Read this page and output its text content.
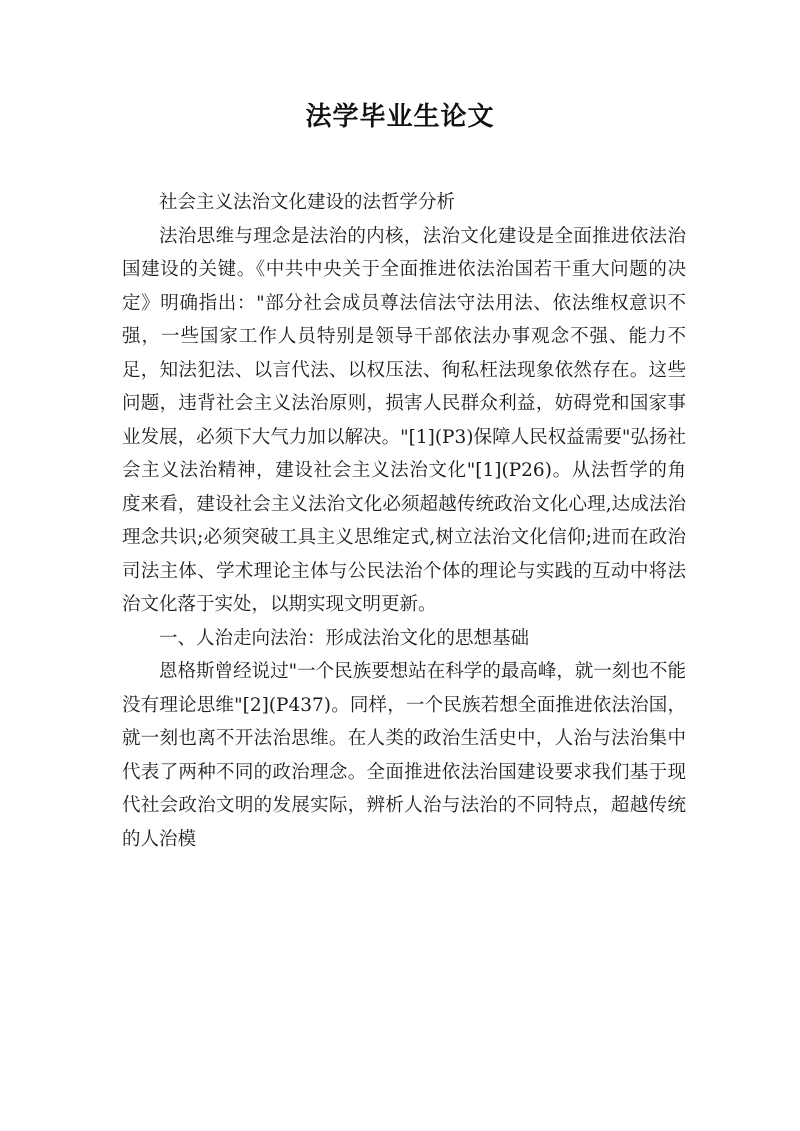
法学毕业生论文

社会主义法治文化建设的法哲学分析

法治思维与理念是法治的内核，法治文化建设是全面推进依法治国建设的关键。《中共中央关于全面推进依法治国若干重大问题的决定》明确指出："部分社会成员尊法信法守法用法、依法维权意识不强，一些国家工作人员特别是领导干部依法办事观念不强、能力不足，知法犯法、以言代法、以权压法、徇私枉法现象依然存在。这些问题，违背社会主义法治原则，损害人民群众利益，妨碍党和国家事业发展，必须下大气力加以解决。"[1](P3)保障人民权益需要"弘扬社会主义法治精神，建设社会主义法治文化"[1](P26)。从法哲学的角度来看，建设社会主义法治文化必须超越传统政治文化心理,达成法治理念共识;必须突破工具主义思维定式,树立法治文化信仰;进而在政治司法主体、学术理论主体与公民法治个体的理论与实践的互动中将法治文化落于实处，以期实现文明更新。

一、人治走向法治：形成法治文化的思想基础

恩格斯曾经说过"一个民族要想站在科学的最高峰，就一刻也不能没有理论思维"[2](P437)。同样，一个民族若想全面推进依法治国，就一刻也离不开法治思维。在人类的政治生活史中，人治与法治集中代表了两种不同的政治理念。全面推进依法治国建设要求我们基于现代社会政治文明的发展实际，辨析人治与法治的不同特点，超越传统的人治模
